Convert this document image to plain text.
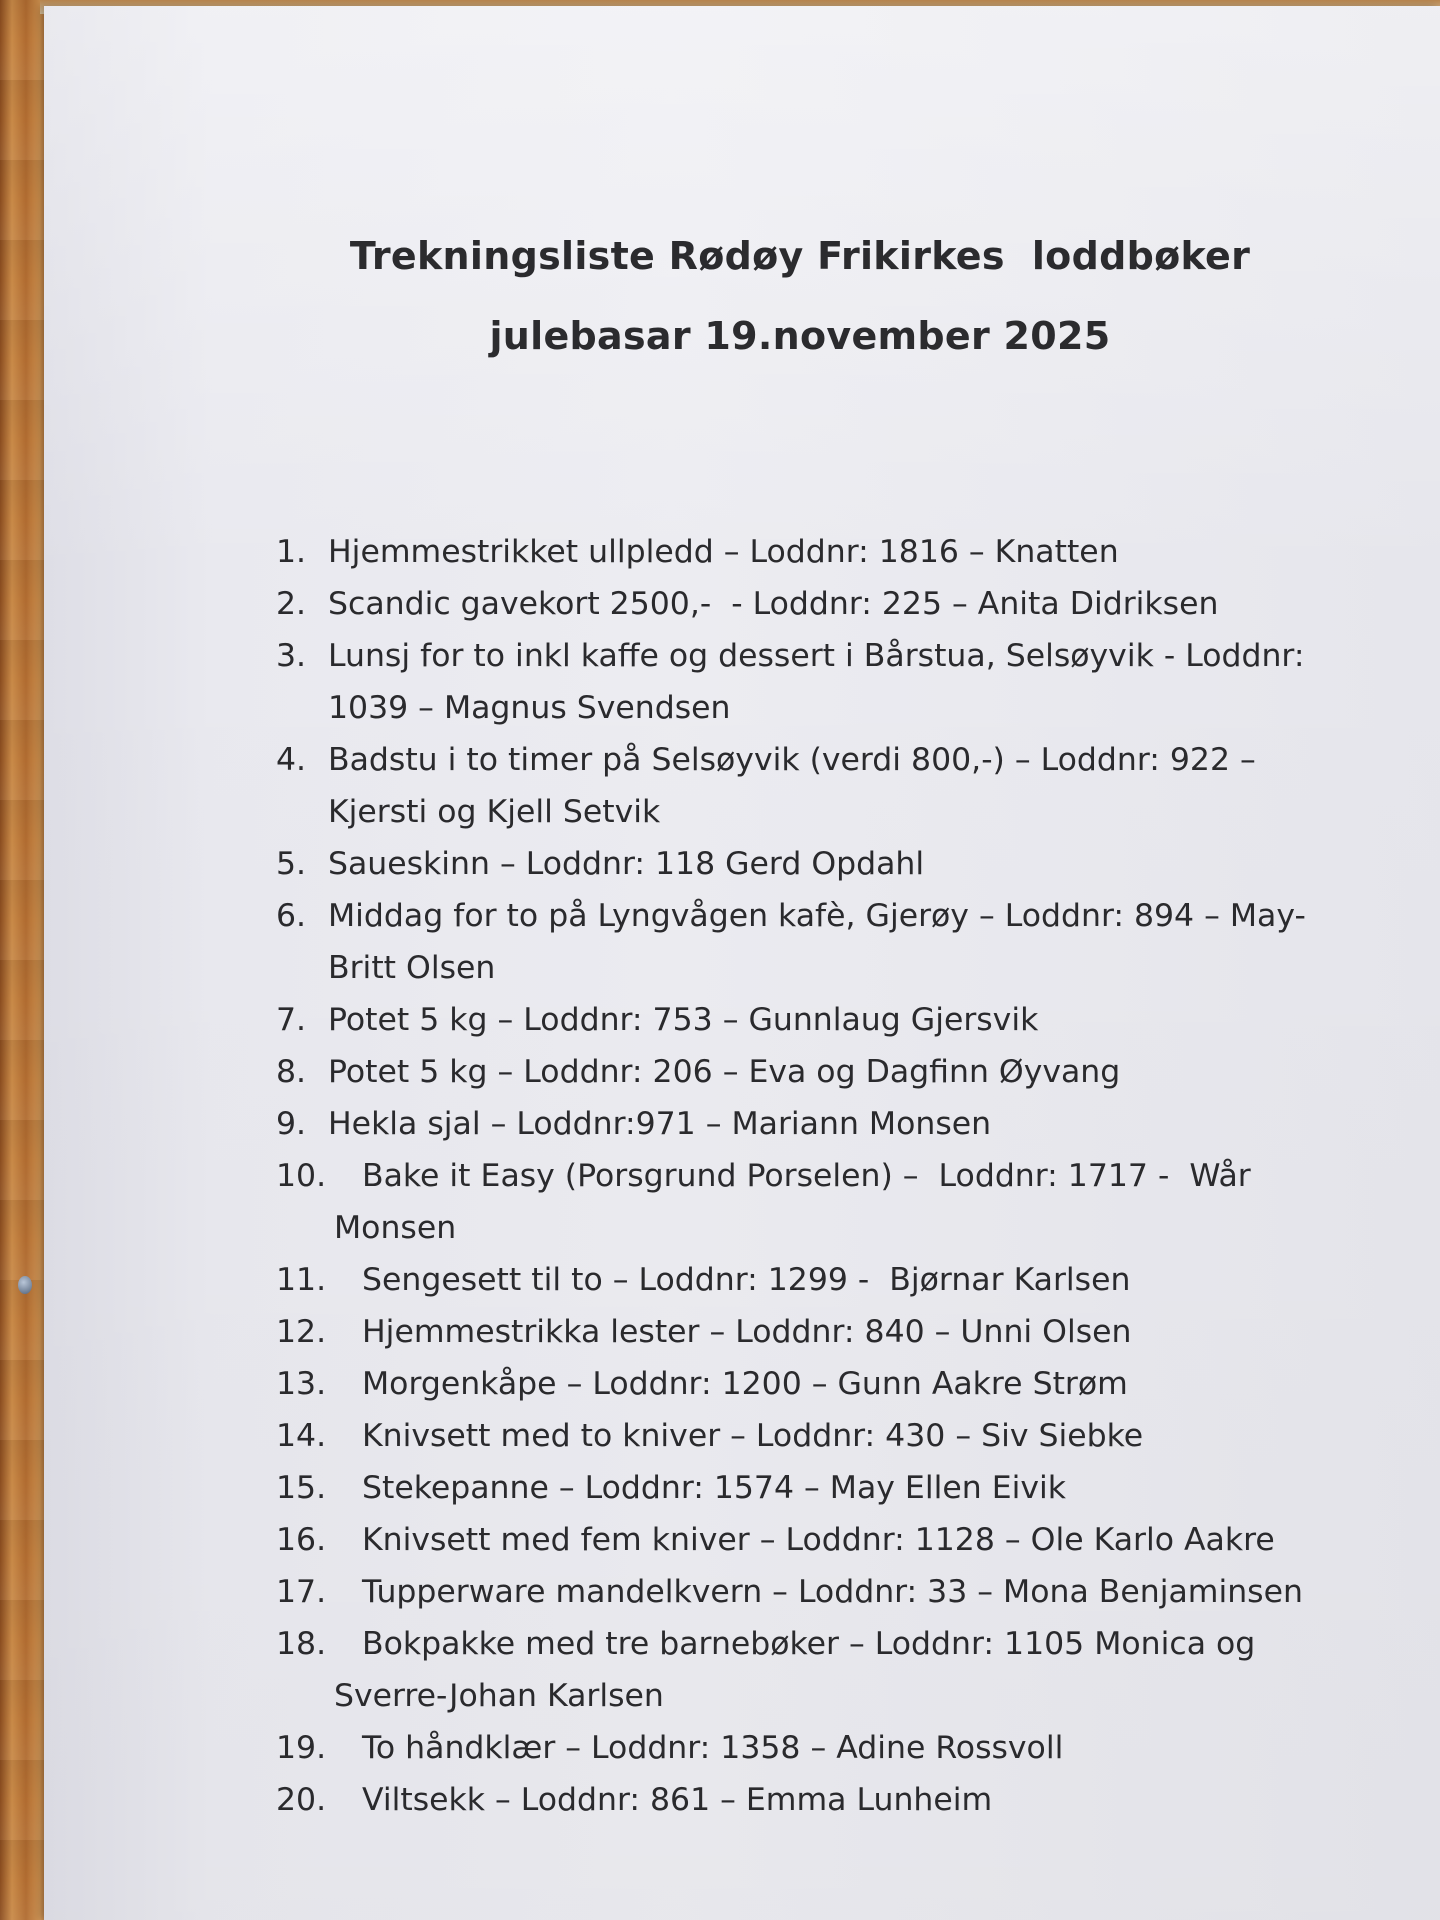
Trekningsliste Rødøy Frikirkes  loddbøker
julebasar 19.november 2025
1. Hjemmestrikket ullpledd – Loddnr: 1816 – Knatten
2. Scandic gavekort 2500,-  - Loddnr: 225 – Anita Didriksen
3. Lunsj for to inkl kaffe og dessert i Bårstua, Selsøyvik - Loddnr:
1039 – Magnus Svendsen
4. Badstu i to timer på Selsøyvik (verdi 800,-) – Loddnr: 922 –
Kjersti og Kjell Setvik
5. Saueskinn – Loddnr: 118 Gerd Opdahl
6. Middag for to på Lyngvågen kafè, Gjerøy – Loddnr: 894 – May-
Britt Olsen
7. Potet 5 kg – Loddnr: 753 – Gunnlaug Gjersvik
8. Potet 5 kg – Loddnr: 206 – Eva og Dagfinn Øyvang
9. Hekla sjal – Loddnr:971 – Mariann Monsen
10.	Bake it Easy (Porsgrund Porselen) –  Loddnr: 1717 -  Wår
Monsen
11.	Sengesett til to – Loddnr: 1299 -  Bjørnar Karlsen
12.	Hjemmestrikka lester – Loddnr: 840 – Unni Olsen
13.	Morgenkåpe – Loddnr: 1200 – Gunn Aakre Strøm
14.	Knivsett med to kniver – Loddnr: 430 – Siv Siebke
15.	Stekepanne – Loddnr: 1574 – May Ellen Eivik
16.	Knivsett med fem kniver – Loddnr: 1128 – Ole Karlo Aakre
17.	Tupperware mandelkvern – Loddnr: 33 – Mona Benjaminsen
18.	Bokpakke med tre barnebøker – Loddnr: 1105 Monica og
Sverre-Johan Karlsen
19.	To håndklær – Loddnr: 1358 – Adine Rossvoll
20.	Viltsekk – Loddnr: 861 – Emma Lunheim
